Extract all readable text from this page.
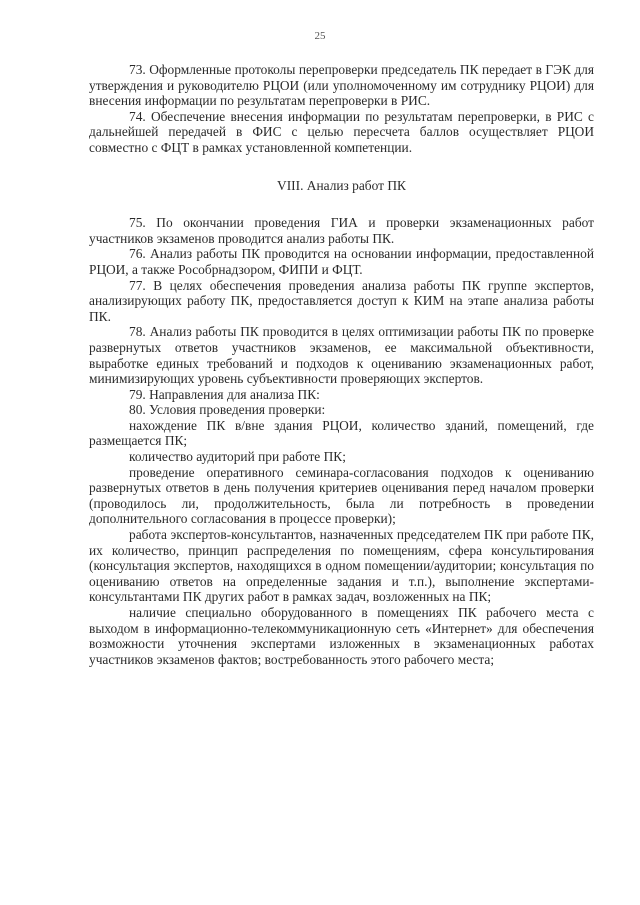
25

73. Оформленные протоколы перепроверки председатель ПК передает в ГЭК для утверждения и руководителю РЦОИ (или уполномоченному им сотруднику РЦОИ) для внесения информации по результатам перепроверки в РИС.

74. Обеспечение внесения информации по результатам перепроверки, в РИС с дальнейшей передачей в ФИС с целью пересчета баллов осуществляет РЦОИ совместно с ФЦТ в рамках установленной компетенции.

VIII. Анализ работ ПК

75. По окончании проведения ГИА и проверки экзаменационных работ участников экзаменов проводится анализ работы ПК.

76. Анализ работы ПК проводится на основании информации, предоставленной РЦОИ, а также Рособрнадзором, ФИПИ и ФЦТ.

77. В целях обеспечения проведения анализа работы ПК группе экспертов, анализирующих работу ПК, предоставляется доступ к КИМ на этапе анализа работы ПК.

78. Анализ работы ПК проводится в целях оптимизации работы ПК по проверке развернутых ответов участников экзаменов, ее максимальной объективности, выработке единых требований и подходов к оцениванию экзаменационных работ, минимизирующих уровень субъективности проверяющих экспертов.

79. Направления для анализа ПК:

80. Условия проведения проверки:

нахождение ПК в/вне здания РЦОИ, количество зданий, помещений, где размещается ПК;

количество аудиторий при работе ПК;

проведение оперативного семинара-согласования подходов к оцениванию развернутых ответов в день получения критериев оценивания перед началом проверки (проводилось ли, продолжительность, была ли потребность в проведении дополнительного согласования в процессе проверки);

работа экспертов-консультантов, назначенных председателем ПК при работе ПК, их количество, принцип распределения по помещениям, сфера консультирования (консультация экспертов, находящихся в одном помещении/аудитории; консультация по оцениванию ответов на определенные задания и т.п.), выполнение экспертами-консультантами ПК других работ в рамках задач, возложенных на ПК;

наличие специально оборудованного в помещениях ПК рабочего места с выходом в информационно-телекоммуникационную сеть «Интернет» для обеспечения возможности уточнения экспертами изложенных в экзаменационных работах участников экзаменов фактов; востребованность этого рабочего места;
